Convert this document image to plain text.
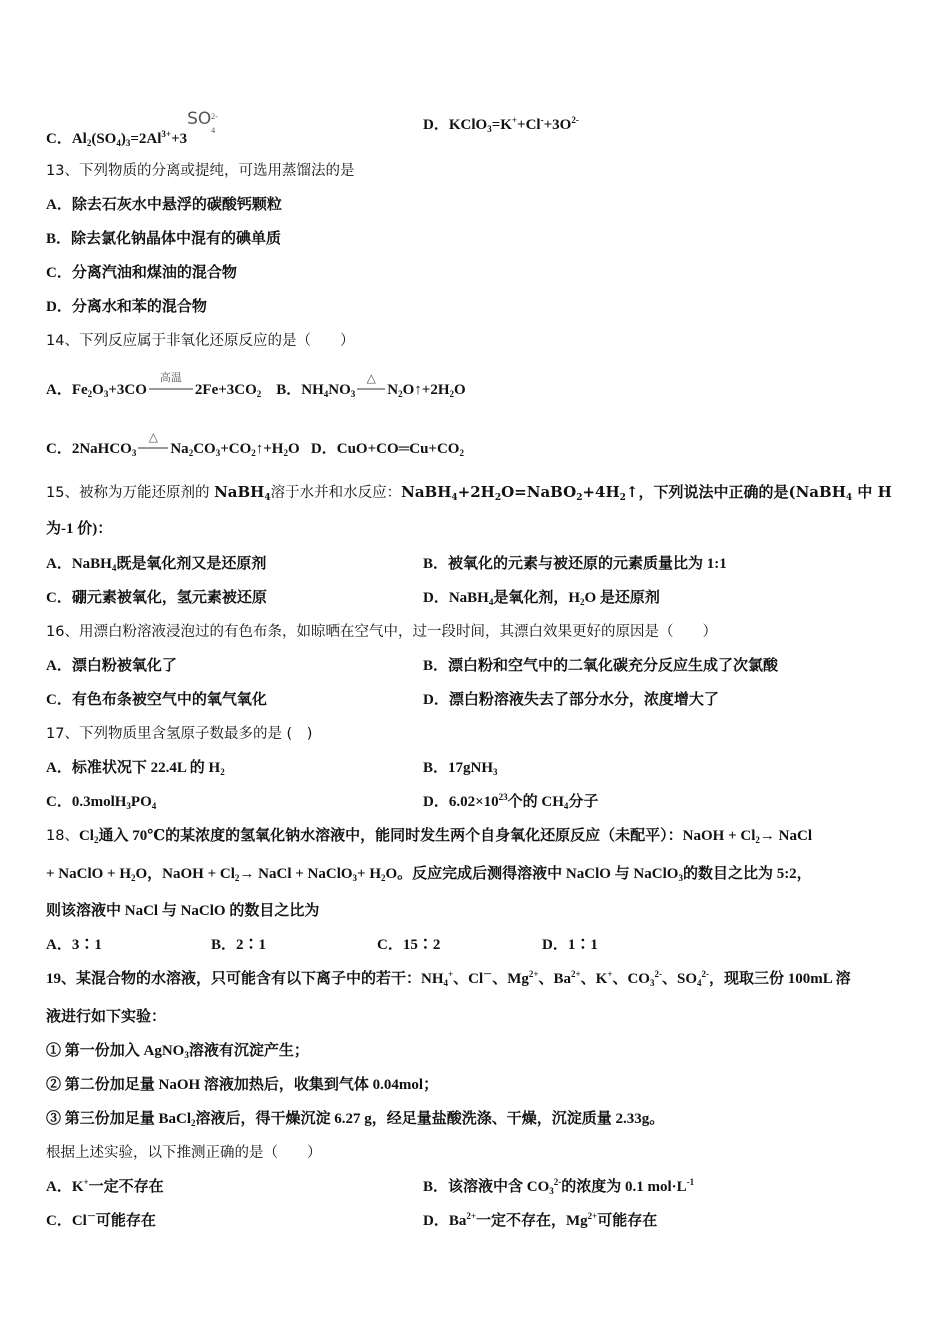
C．$Al_2(SO_4)_3=2Al^{3+}+3$
SO 2-
4	D．$KClO_3=K^++Cl^-+3O^{2-}$
13、下列物质的分离或提纯，可选用蒸馏法的是
A．除去石灰水中悬浮的碳酸钙颗粒
B．除去氯化钠晶体中混有的碘单质
C．分离汽油和煤油的混合物
D．分离水和苯的混合物
14、下列反应属于非氧化还原反应的是（　　）
A．$Fe_2O_3+3CO$
高温
$2Fe+3CO_2$ B．$NH_4NO_3$
△
$N_2O↑+2H_2O$
C．2NaHCO$_3$
△
$Na_2CO_3+CO_2↑+H_2O$ D．$CuO+CO═Cu+CO_2$
15、被称为万能还原剂的 NaBH$_4$溶于水并和水反应：$NaBH_4+2H_2O=NaBO_2+4H_2↑$，下列说法中正确的是(NaBH$_4$ 中 H
为-1 价)：
A．NaBH$_4$既是氧化剂又是还原剂	B．被氧化的元素与被还原的元素质量比为 1:1
C．硼元素被氧化，氢元素被还原	D．NaBH$_4$是氧化剂，$H_2O$ 是还原剂
16、用漂白粉溶液浸泡过的有色布条，如晾晒在空气中，过一段时间，其漂白效果更好的原因是（　　）
A．漂白粉被氧化了	B．漂白粉和空气中的二氧化碳充分反应生成了次氯酸
C．有色布条被空气中的氧气氧化	D．漂白粉溶液失去了部分水分，浓度增大了
17、下列物质里含氢原子数最多的是 (　)
A．标准状况下 22.4L 的 $H_2$	B．17gNH$_3$
C．$0.3molH_3PO_4$	D．$6.02\times 10^{23}$个的 $CH_4$分子
18、$Cl_2$通入 70℃的某浓度的氢氧化钠水溶液中，能同时发生两个自身氧化还原反应（未配平）：NaOH + $Cl_2\to$ NaCl
+ NaClO + $H_2O$，NaOH + $Cl_2\to$ NaCl + NaClO$_3$+ $H_2O$。反应完成后测得溶液中 NaClO 与 NaClO$_3$的数目之比为 5:2，
则该溶液中 NaCl 与 NaClO 的数目之比为
A．3∶1	B．2∶1	C．15∶2	D．1∶1
19、某混合物的水溶液，只可能含有以下离子中的若干：$NH_4^+$、Cl－、$Mg^{2+}$、$Ba^{2+}$、K+、$CO_3^{2-}$、$SO_4^{2-}$，现取三份 100mL 溶
液进行如下实验：
① 第一份加入 AgNO$_3$溶液有沉淀产生；
② 第二份加足量 NaOH 溶液加热后，收集到气体 0.04mol；
③ 第三份加足量 BaCl$_2$溶液后，得干燥沉淀 6.27 g，经足量盐酸洗涤、干燥，沉淀质量 2.33g。
根据上述实验，以下推测正确的是（　　）
A．K+一定不存在	B．该溶液中含 $CO_3^{2-}$的浓度为 0.1 $mol\cdot L^{-1}$
C．Cl－可能存在	D．$Ba^{2+}$一定不存在，$Mg^{2+}$可能存在
